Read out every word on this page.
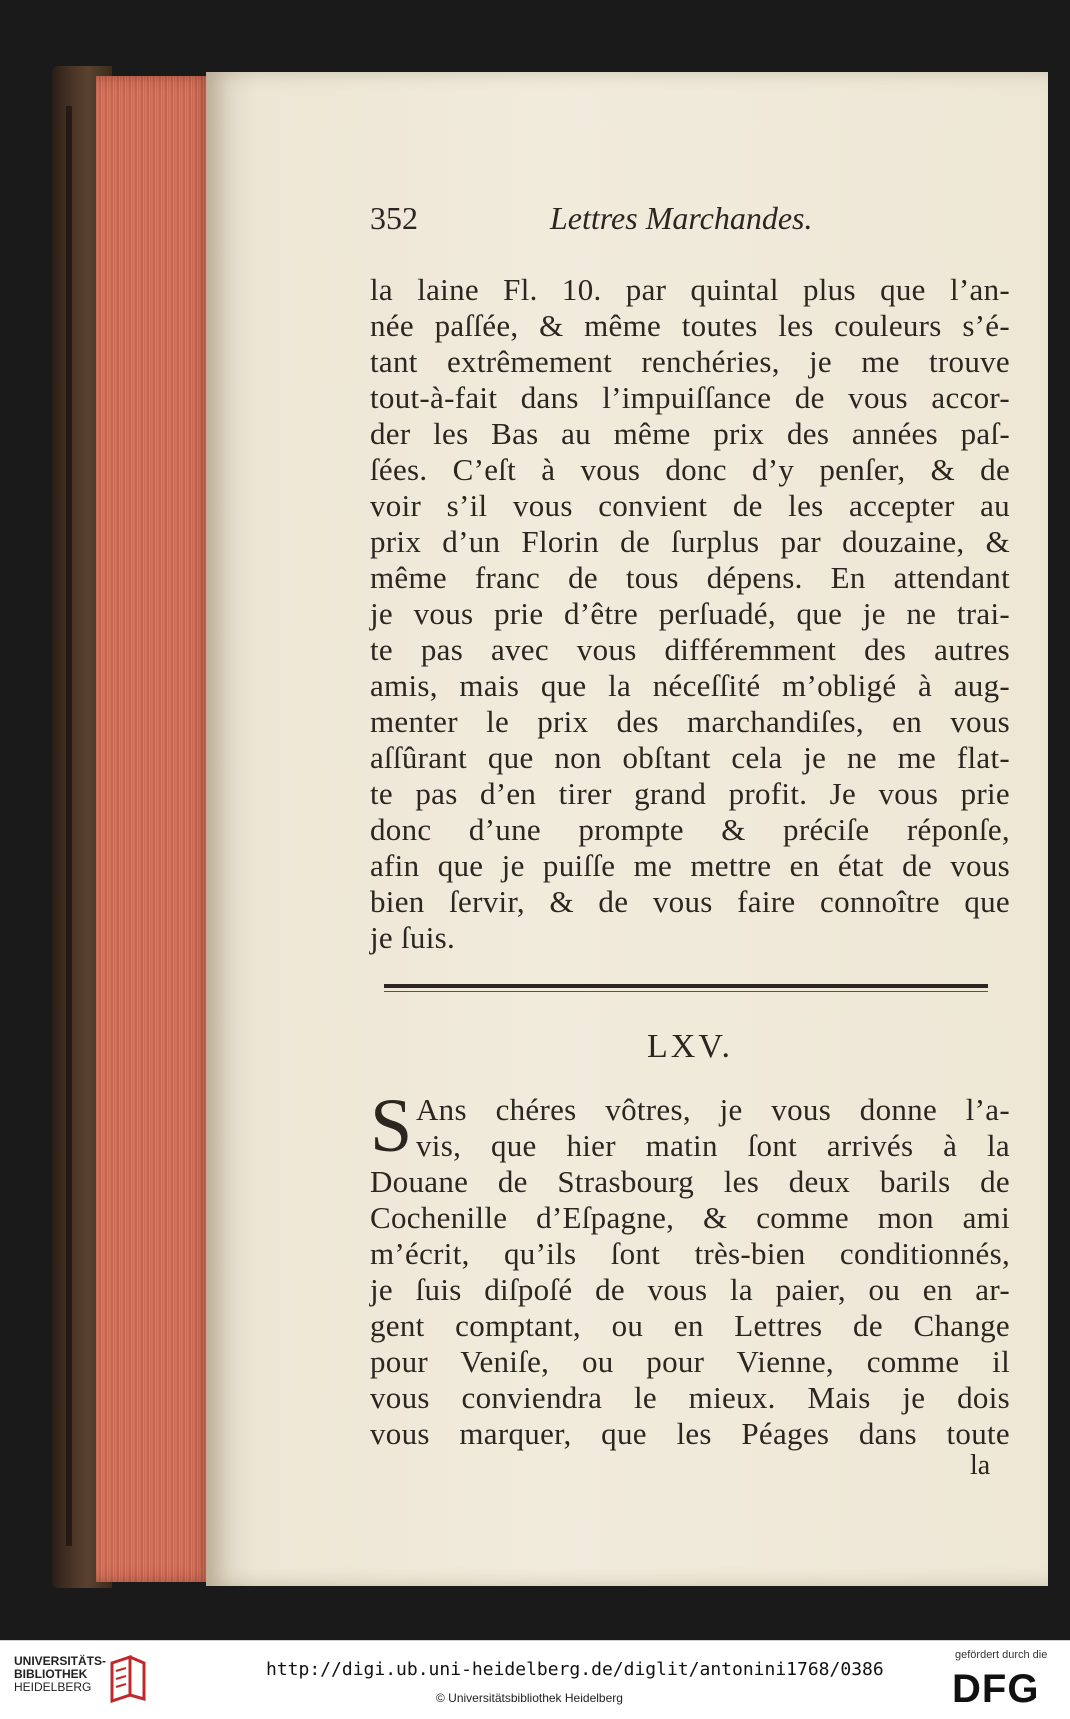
352	Lettres Marchandes.
la laine Fl. 10. par quintal plus que l’an-
née paſſée, & même toutes les couleurs s’é-
tant extrêmement renchéries, je me trouve
tout-à-fait dans l’impuiſſance de vous accor-
der les Bas au même prix des années paſ-
ſées. C’eſt à vous donc d’y penſer, & de
voir s’il vous convient de les accepter au
prix d’un Florin de ſurplus par douzaine, &
même franc de tous dépens. En attendant
je vous prie d’être perſuadé, que je ne trai-
te pas avec vous différemment des autres
amis, mais que la néceſſité m’obligé à aug-
menter le prix des marchandiſes, en vous
aſſûrant que non obſtant cela je ne me flat-
te pas d’en tirer grand profit. Je vous prie
donc d’une prompte & préciſe réponſe,
afin que je puiſſe me mettre en état de vous
bien ſervir, & de vous faire connoître que
je ſuis.
LXV.
S Ans chéres vôtres, je vous donne l’a-
vis, que hier matin ſont arrivés à la
Douane de Strasbourg les deux barils de
Cochenille d’Eſpagne, & comme mon ami
m’écrit, qu’ils ſont très-bien conditionnés,
je ſuis diſpoſé de vous la paier, ou en ar-
gent comptant, ou en Lettres de Change
pour Veniſe, ou pour Vienne, comme il
vous conviendra le mieux. Mais je dois
vous marquer, que les Péages dans toute
la
UNIVERSITÄTS-
BIBLIOTHEK
HEIDELBERG
http://digi.ub.uni-heidelberg.de/diglit/antonini1768/0386
© Universitätsbibliothek Heidelberg
gefördert durch die
DFG
